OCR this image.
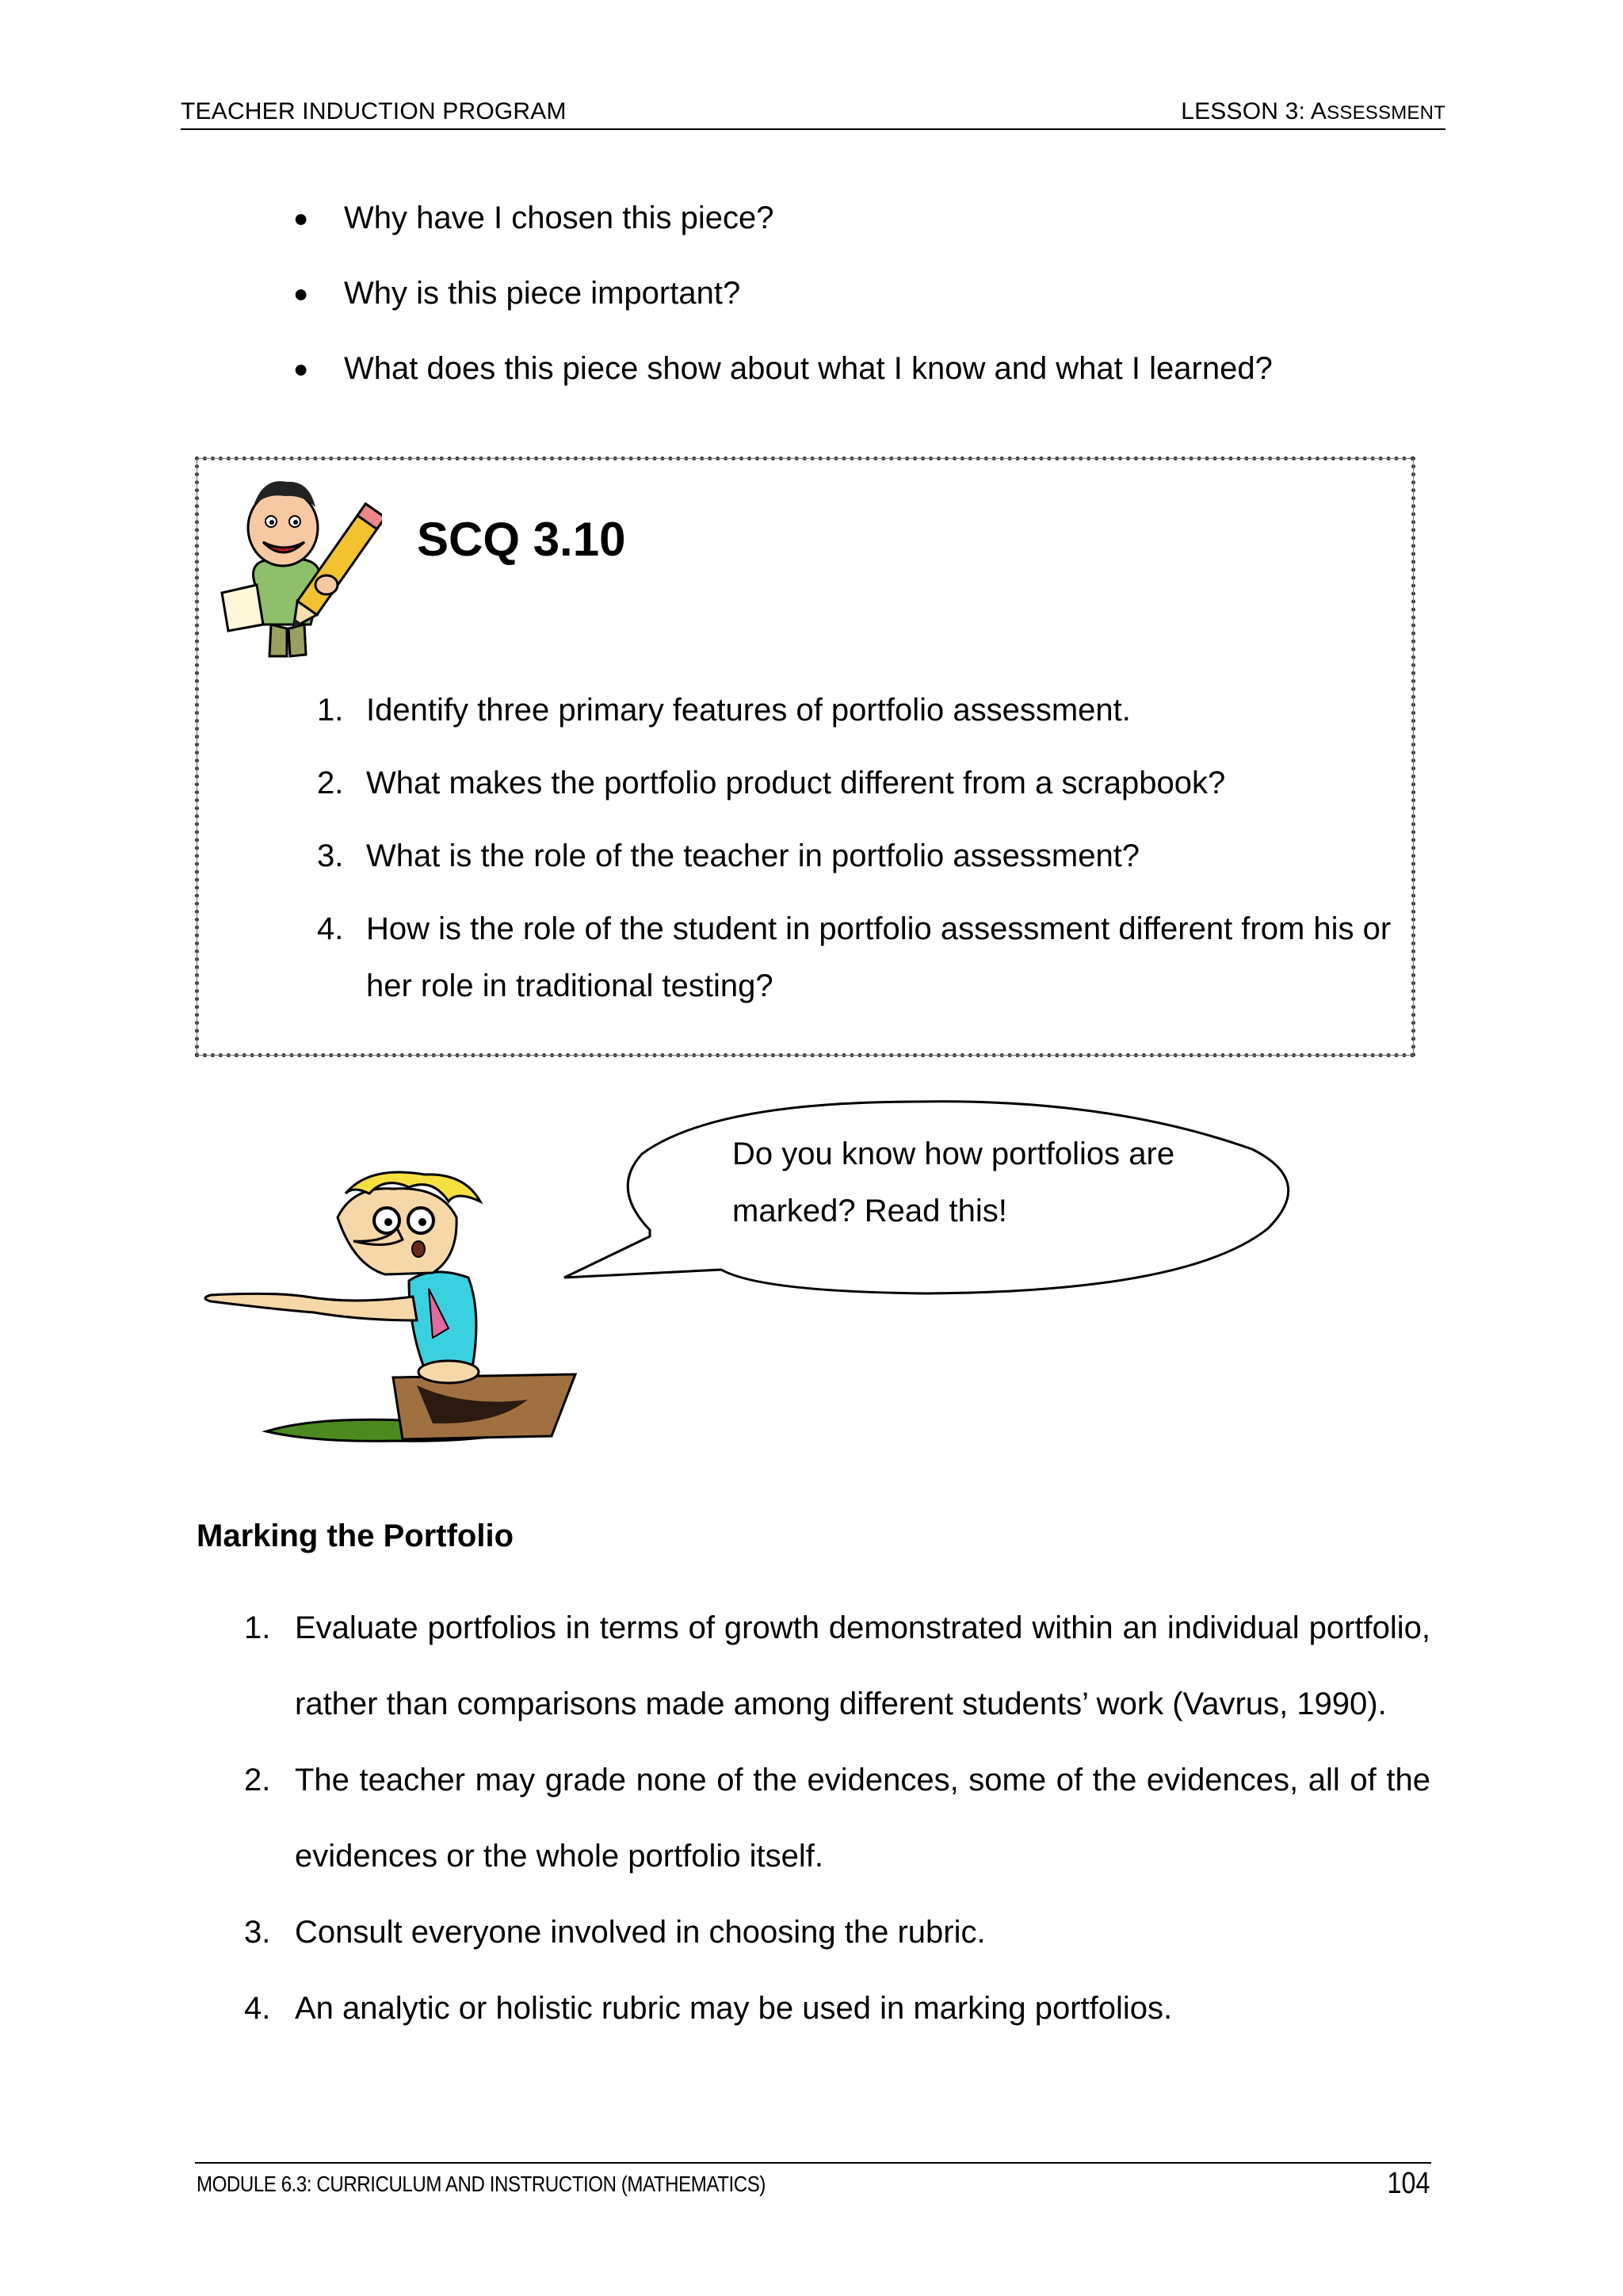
TEACHER INDUCTION PROGRAM	LESSON 3: ASSESSMENT
● Why have I chosen this piece?
● Why is this piece important?
● What does this piece show about what I know and what I learned?
SCQ 3.10
1. Identify three primary features of portfolio assessment.
2. What makes the portfolio product different from a scrapbook?
3. What is the role of the teacher in portfolio assessment?
4. How is the role of the student in portfolio assessment different from his or her role in traditional testing?
Do you know how portfolios are
marked? Read this!
Marking the Portfolio
1. Evaluate portfolios in terms of growth demonstrated within an individual portfolio, rather than comparisons made among different students’ work (Vavrus, 1990).
2. The teacher may grade none of the evidences, some of the evidences, all of the evidences or the whole portfolio itself.
3. Consult everyone involved in choosing the rubric.
4. An analytic or holistic rubric may be used in marking portfolios.
MODULE 6.3: CURRICULUM AND INSTRUCTION (MATHEMATICS)	104
